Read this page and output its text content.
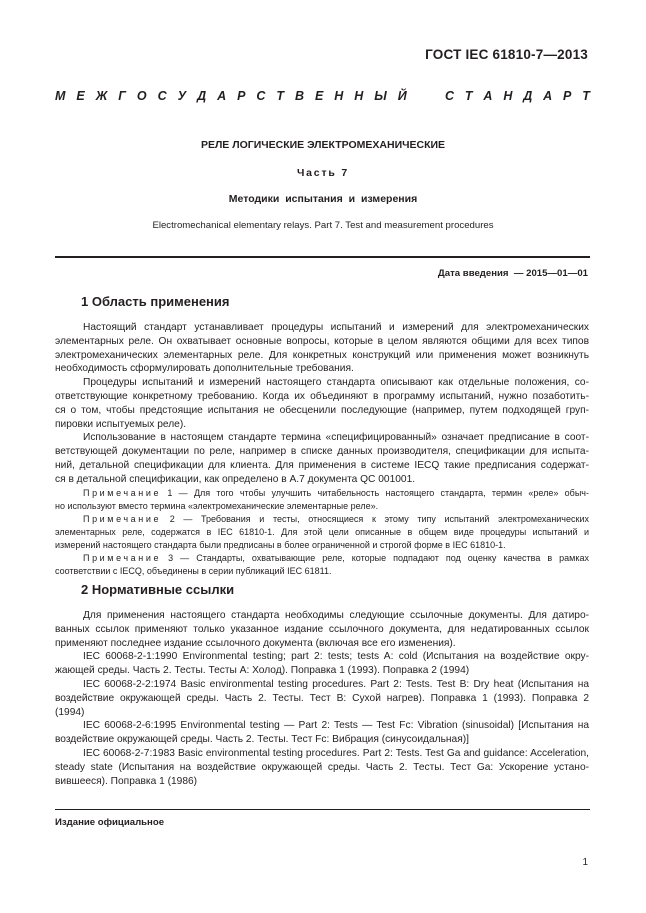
ГОСТ IEC 61810-7—2013
М Е Ж Г О С У Д А Р С Т В Е Н Н Ы Й	С Т А Н Д А Р Т
РЕЛЕ ЛОГИЧЕСКИЕ ЭЛЕКТРОМЕХАНИЧЕСКИЕ
Часть 7
Методики испытания и измерения
Electromechanical elementary relays. Part 7. Test and measurement procedures
Дата введения — 2015—01—01
1 Область применения
Настоящий стандарт устанавливает процедуры испытаний и измерений для электромеханических
элементарных реле. Он охватывает основные вопросы, которые в целом являются общими для всех типов
электромеханических элементарных реле. Для конкретных конструкций или применения может возникнуть
необходимость сформулировать дополнительные требования.
Процедуры испытаний и измерений настоящего стандарта описывают как отдельные положения, со-
ответствующие конкретному требованию. Когда их объединяют в программу испытаний, нужно позаботить-
ся о том, чтобы предстоящие испытания не обесценили последующие (например, путем подходящей груп-
пировки испытуемых реле).
Использование в настоящем стандарте термина «специфицированный» означает предписание в соот-
ветствующей документации по реле, например в списке данных производителя, спецификации для испыта-
ний, детальной спецификации для клиента. Для применения в системе IECQ такие предписания содержат-
ся в детальной спецификации, как определено в А.7 документа QC 001001.
Примечание 1 — Для того чтобы улучшить читабельность настоящего стандарта, термин «реле» обыч-
но используют вместо термина «электромеханические элементарные реле».
Примечание 2 — Требования и тесты, относящиеся к этому типу испытаний электромеханических
элементарных реле, содержатся в IEC 61810-1. Для этой цели описанные в общем виде процедуры испытаний и
измерений настоящего стандарта были предписаны в более ограниченной и строгой форме в IEC 61810-1.
Примечание 3 — Стандарты, охватывающие реле, которые подпадают под оценку качества в рамках
соответствии с IECQ, объединены в серии публикаций IEC 61811.
2 Нормативные ссылки
Для применения настоящего стандарта необходимы следующие ссылочные документы. Для датиро-
ванных ссылок применяют только указанное издание ссылочного документа, для недатированных ссылок
применяют последнее издание ссылочного документа (включая все его изменения).
IEC 60068-2-1:1990 Environmental testing; part 2: tests; tests A: cold (Испытания на воздействие окру-
жающей среды. Часть 2. Тесты. Тесты А: Холод). Поправка 1 (1993). Поправка 2 (1994)
IEC 60068-2-2:1974 Basic environmental testing procedures. Part 2: Tests. Test B: Dry heat (Испытания на
воздействие окружающей среды. Часть 2. Тесты. Тест В: Сухой нагрев). Поправка 1 (1993). Поправка 2
(1994)
IEC 60068-2-6:1995 Environmental testing — Part 2: Tests — Test Fc: Vibration (sinusoidal) [Испытания на
воздействие окружающей среды. Часть 2. Тесты. Тест Fc: Вибрация (синусоидальная)]
IEC 60068-2-7:1983 Basic environmental testing procedures. Part 2: Tests. Test Ga and guidance: Acceleration,
steady state (Испытания на воздействие окружающей среды. Часть 2. Тесты. Тест Ga: Ускорение устано-
вившееся). Поправка 1 (1986)
Издание официальное
1
